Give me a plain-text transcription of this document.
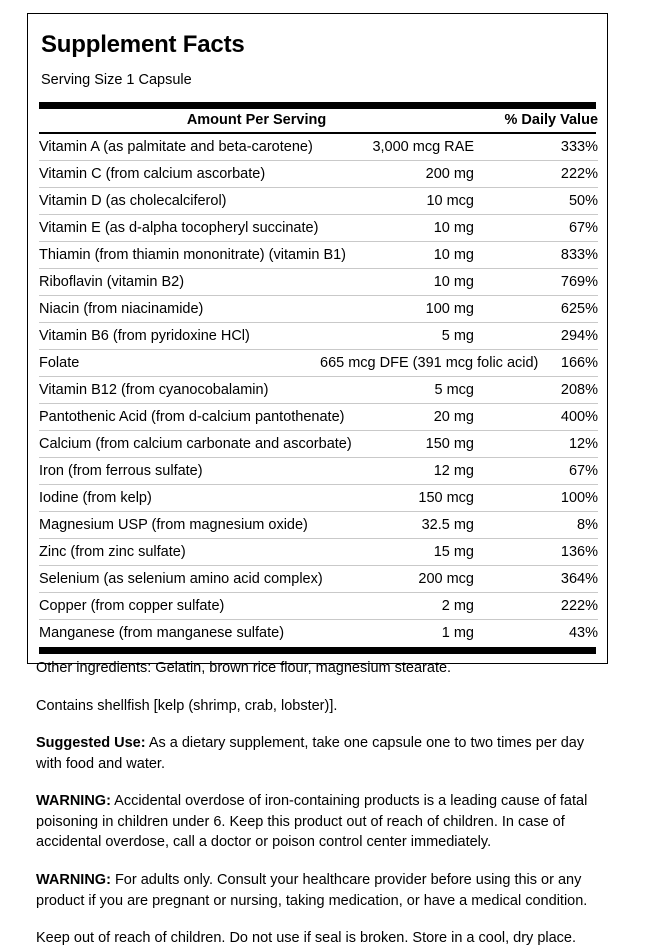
Supplement Facts
Serving Size 1 Capsule
Amount Per Serving	% Daily Value
Vitamin A (as palmitate and beta-carotene)	3,000 mcg RAE	333%
Vitamin C (from calcium ascorbate)	200 mg	222%
Vitamin D (as cholecalciferol)	10 mcg	50%
Vitamin E (as d-alpha tocopheryl succinate)	10 mg	67%
Thiamin (from thiamin mononitrate) (vitamin B1)	10 mg	833%
Riboflavin (vitamin B2)	10 mg	769%
Niacin (from niacinamide)	100 mg	625%
Vitamin B6 (from pyridoxine HCl)	5 mg	294%
Folate	665 mcg DFE (391 mcg folic acid)	166%
Vitamin B12 (from cyanocobalamin)	5 mcg	208%
Pantothenic Acid (from d-calcium pantothenate)	20 mg	400%
Calcium (from calcium carbonate and ascorbate)	150 mg	12%
Iron (from ferrous sulfate)	12 mg	67%
Iodine (from kelp)	150 mcg	100%
Magnesium USP (from magnesium oxide)	32.5 mg	8%
Zinc (from zinc sulfate)	15 mg	136%
Selenium (as selenium amino acid complex)	200 mcg	364%
Copper (from copper sulfate)	2 mg	222%
Manganese (from manganese sulfate)	1 mg	43%

Other ingredients: Gelatin, brown rice flour, magnesium stearate.

Contains shellfish [kelp (shrimp, crab, lobster)].

Suggested Use: As a dietary supplement, take one capsule one to two times per day with food and water.

WARNING: Accidental overdose of iron-containing products is a leading cause of fatal poisoning in children under 6. Keep this product out of reach of children. In case of accidental overdose, call a doctor or poison control center immediately.

WARNING: For adults only. Consult your healthcare provider before using this or any product if you are pregnant or nursing, taking medication, or have a medical condition.

Keep out of reach of children. Do not use if seal is broken. Store in a cool, dry place.
